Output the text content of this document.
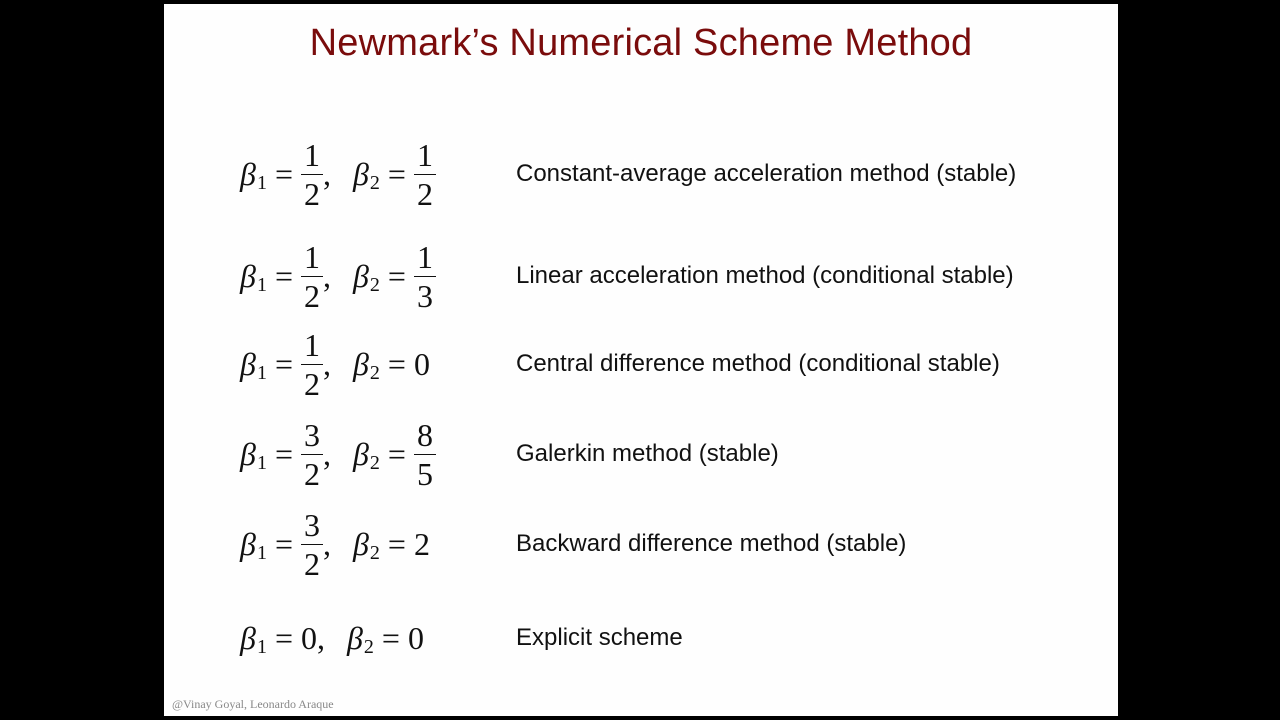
Newmark’s Numerical Scheme Method
β $1 = \frac{1}{2}$ , β $2 = \frac{1}{2}$	Constant-average acceleration method (stable)
β $1 = \frac{1}{2}$ , β $2 = \frac{1}{3}$	Linear acceleration method (conditional stable)
β $1 = \frac{1}{2}$ , β 2 = 0	Central difference method (conditional stable)
β $1 = \frac{3}{2}$ , β $2 = \frac{8}{5}$	Galerkin method (stable)
β $1 = \frac{3}{2}$ , β 2 = 2	Backward difference method (stable)
β 1 = 0 , β 2 = 0	Explicit scheme
@Vinay Goyal, Leonardo Araque
